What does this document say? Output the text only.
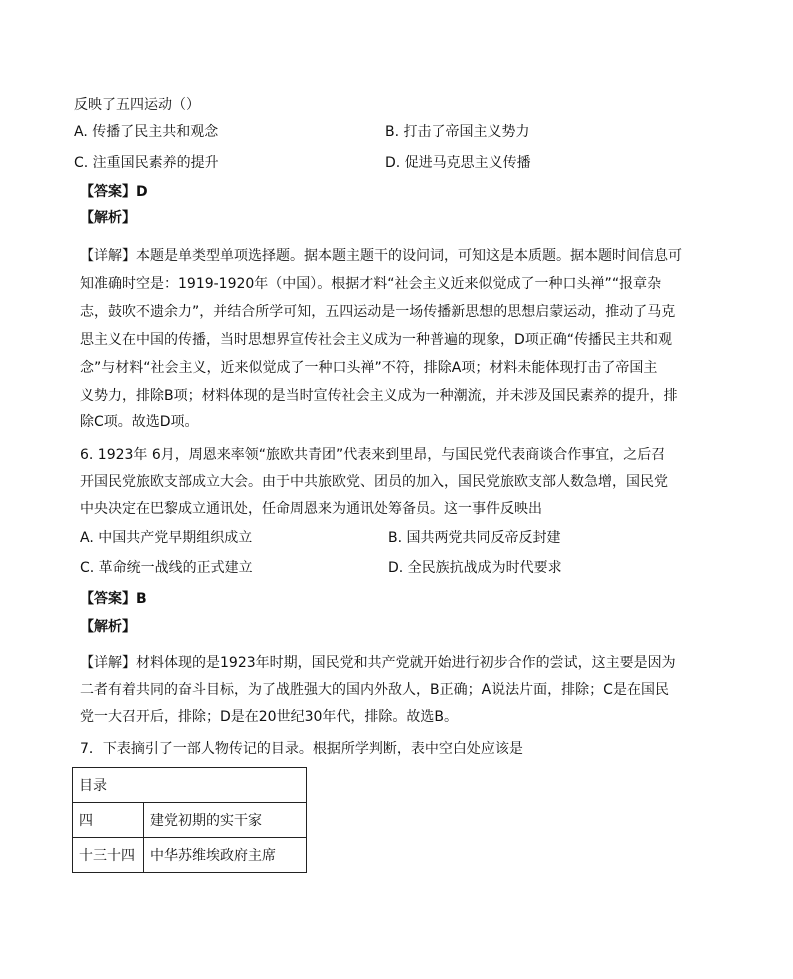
反映了五四运动（）
A. 传播了民主共和观念	B. 打击了帝国主义势力
C. 注重国民素养的提升	D. 促进马克思主义传播
【答案】D
【解析】
【详解】本题是单类型单项选择题。据本题主题干的设问词，可知这是本质题。据本题时间信息可
知准确时空是：1919-1920年（中国）。根据才料“社会主义近来似觉成了一种口头禅”“报章杂
志，鼓吹不遗余力”，并结合所学可知，五四运动是一场传播新思想的思想启蒙运动，推动了马克
思主义在中国的传播，当时思想界宣传社会主义成为一种普遍的现象，D项正确“传播民主共和观
念”与材料“社会主义，近来似觉成了一种口头禅”不符，排除A项；材料未能体现打击了帝国主
义势力，排除B项；材料体现的是当时宣传社会主义成为一种潮流，并未涉及国民素养的提升，排
除C项。故选D项。
6. 1923年 6月，周恩来率领“旅欧共青团”代表来到里昂，与国民党代表商谈合作事宜，之后召
开国民党旅欧支部成立大会。由于中共旅欧党、团员的加入，国民党旅欧支部人数急增，国民党
中央决定在巴黎成立通讯处，任命周恩来为通讯处筹备员。这一事件反映出
A. 中国共产党早期组织成立	B. 国共两党共同反帝反封建
C. 革命统一战线的正式建立	D. 全民族抗战成为时代要求
【答案】B
【解析】
【详解】材料体现的是1923年时期，国民党和共产党就开始进行初步合作的尝试，这主要是因为
二者有着共同的奋斗目标，为了战胜强大的国内外敌人，B正确；A说法片面，排除；C是在国民
党一大召开后，排除；D是在20世纪30年代，排除。故选B。
7．下表摘引了一部人物传记的目录。根据所学判断，表中空白处应该是
目录	
四	建党初期的实干家
十三十四	中华苏维埃政府主席
